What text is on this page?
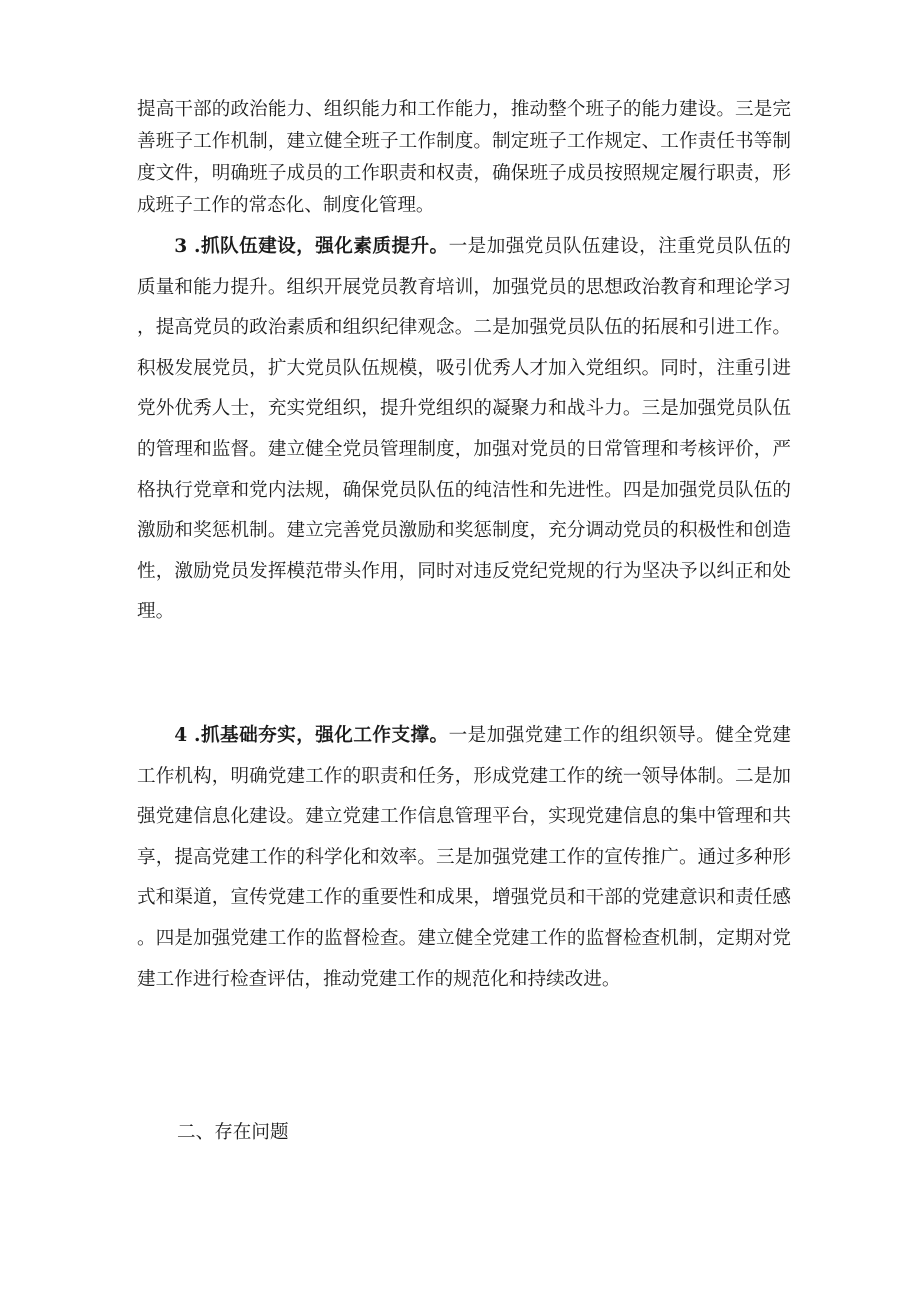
提高干部的政治能力、组织能力和工作能力，推动整个班子的能力建设。三是完善班子工作机制，建立健全班子工作制度。制定班子工作规定、工作责任书等制度文件，明确班子成员的工作职责和权责，确保班子成员按照规定履行职责，形成班子工作的常态化、制度化管理。

3 .抓队伍建设，强化素质提升。一是加强党员队伍建设，注重党员队伍的质量和能力提升。组织开展党员教育培训，加强党员的思想政治教育和理论学习，提高党员的政治素质和组织纪律观念。二是加强党员队伍的拓展和引进工作。积极发展党员，扩大党员队伍规模，吸引优秀人才加入党组织。同时，注重引进党外优秀人士，充实党组织，提升党组织的凝聚力和战斗力。三是加强党员队伍的管理和监督。建立健全党员管理制度，加强对党员的日常管理和考核评价，严格执行党章和党内法规，确保党员队伍的纯洁性和先进性。四是加强党员队伍的激励和奖惩机制。建立完善党员激励和奖惩制度，充分调动党员的积极性和创造性，激励党员发挥模范带头作用，同时对违反党纪党规的行为坚决予以纠正和处理。

4 .抓基础夯实，强化工作支撑。一是加强党建工作的组织领导。健全党建工作机构，明确党建工作的职责和任务，形成党建工作的统一领导体制。二是加强党建信息化建设。建立党建工作信息管理平台，实现党建信息的集中管理和共享，提高党建工作的科学化和效率。三是加强党建工作的宣传推广。通过多种形式和渠道，宣传党建工作的重要性和成果，增强党员和干部的党建意识和责任感。四是加强党建工作的监督检查。建立健全党建工作的监督检查机制，定期对党建工作进行检查评估，推动党建工作的规范化和持续改进。

二、存在问题
